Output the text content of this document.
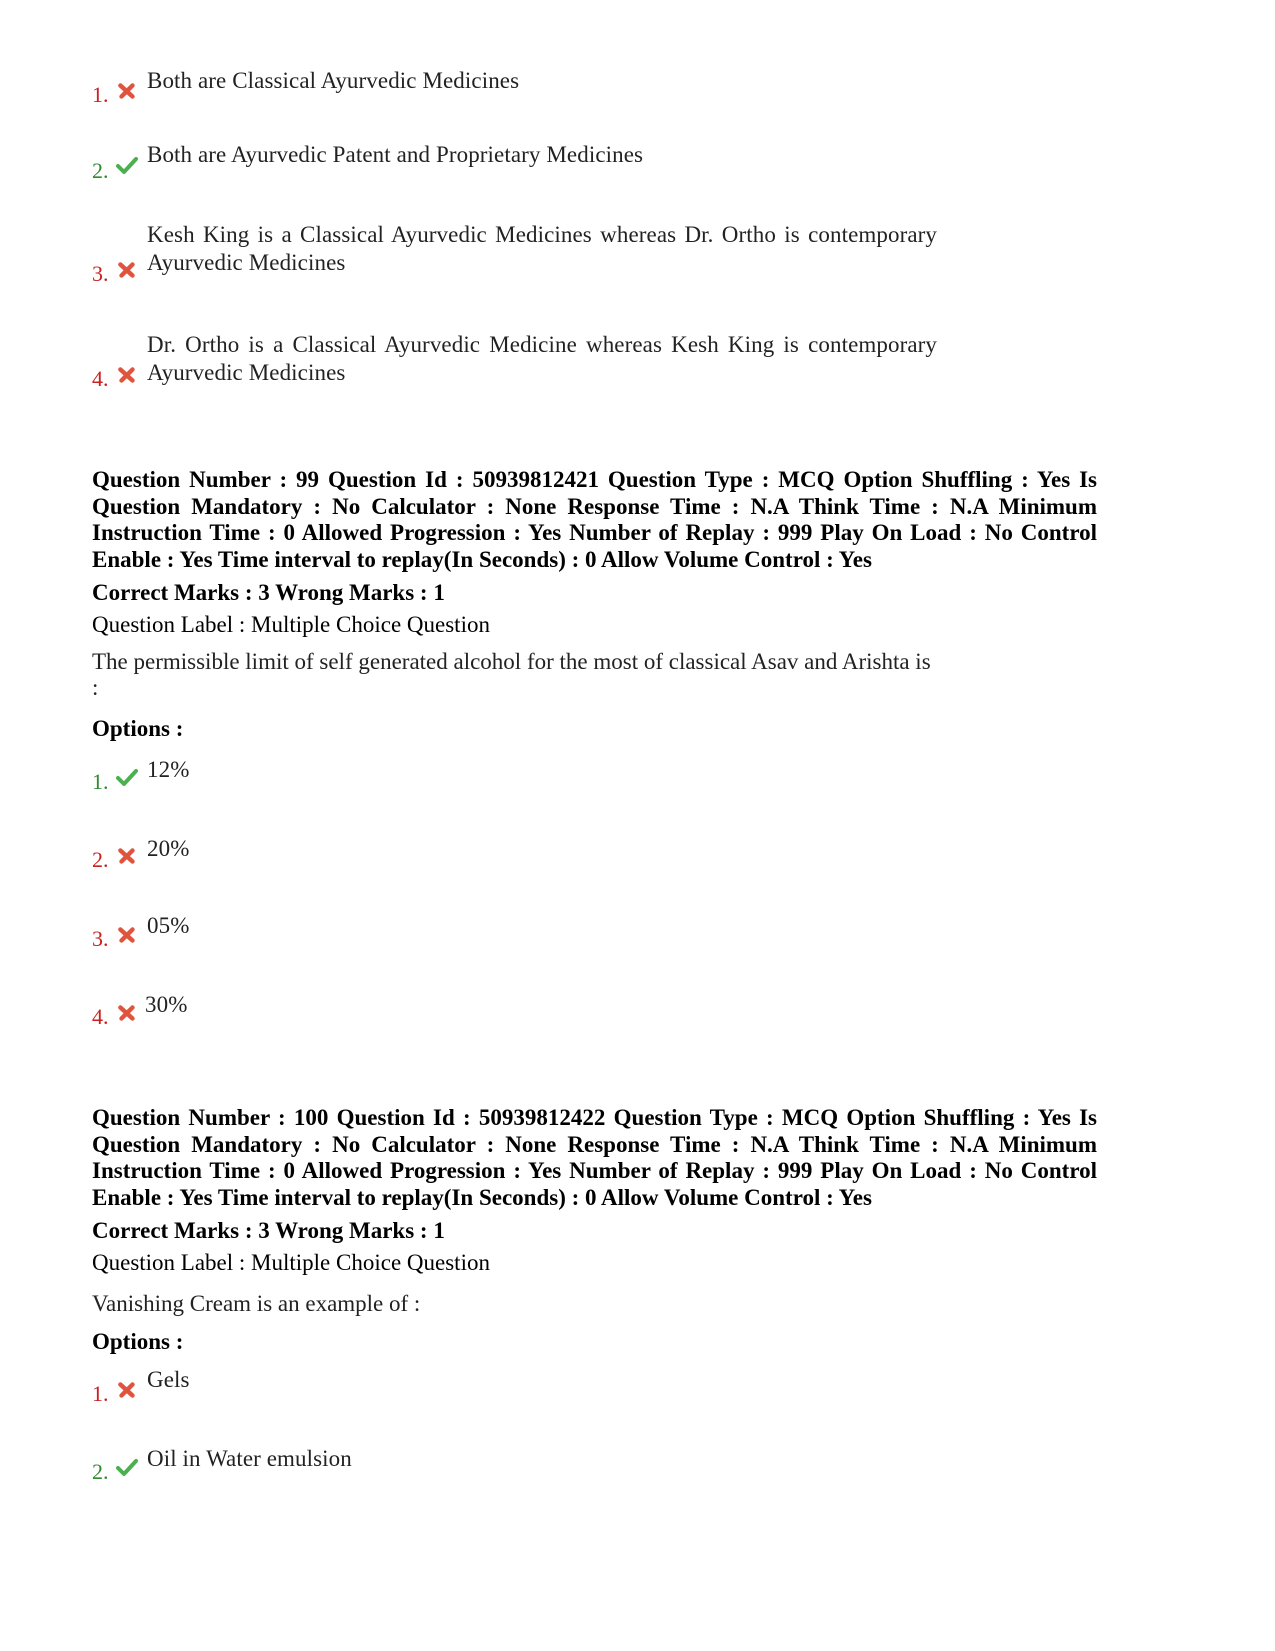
1.
Both are Classical Ayurvedic Medicines
2.
Both are Ayurvedic Patent and Proprietary Medicines
3.
Kesh King is a Classical Ayurvedic Medicines whereas Dr. Ortho is contemporary Ayurvedic Medicines
4.
Dr. Ortho is a Classical Ayurvedic Medicine whereas Kesh King is contemporary Ayurvedic Medicines
Question Number : 99 Question Id : 50939812421 Question Type : MCQ Option Shuffling : Yes Is Question Mandatory : No Calculator : None Response Time : N.A Think Time : N.A Minimum Instruction Time : 0 Allowed Progression : Yes Number of Replay : 999 Play On Load : No Control Enable : Yes Time interval to replay(In Seconds) : 0 Allow Volume Control : Yes
Correct Marks : 3 Wrong Marks : 1
Question Label : Multiple Choice Question
The permissible limit of self generated alcohol for the most of classical Asav and Arishta is :
Options :
1. 12%
2. 20%
3.
05%
4. 30%
Question Number : 100 Question Id : 50939812422 Question Type : MCQ Option Shuffling : Yes Is Question Mandatory : No Calculator : None Response Time : N.A Think Time : N.A Minimum Instruction Time : 0 Allowed Progression : Yes Number of Replay : 999 Play On Load : No Control Enable : Yes Time interval to replay(In Seconds) : 0 Allow Volume Control : Yes
Correct Marks : 3 Wrong Marks : 1
Question Label : Multiple Choice Question
Vanishing Cream is an example of :
Options :
1.
Gels
2.
Oil in Water emulsion
